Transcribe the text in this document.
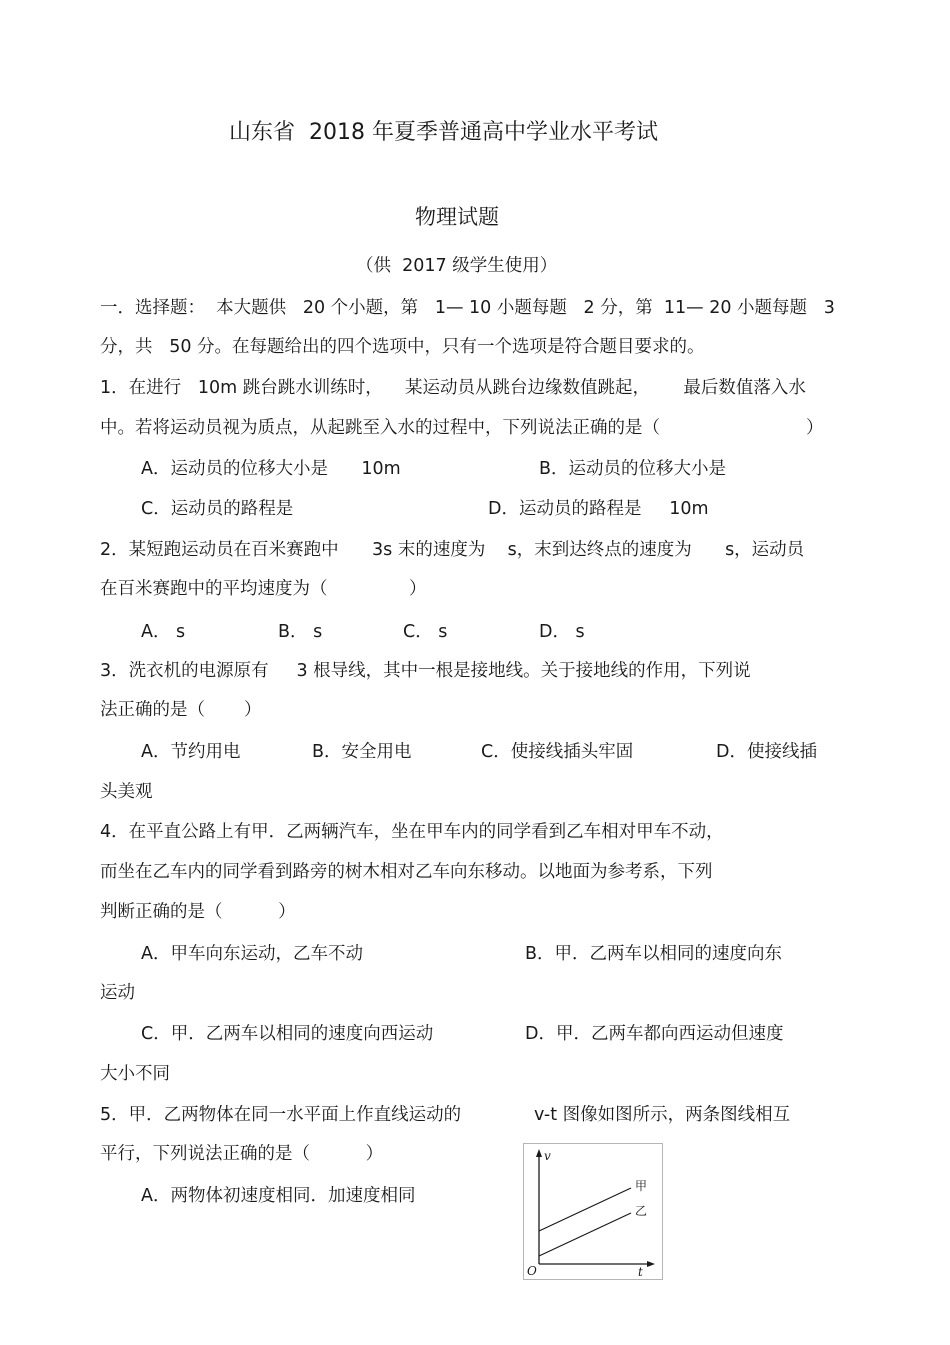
山东省  2018 年夏季普通高中学业水平考试
物理试题
（供  2017 级学生使用）
一．选择题：  本大题供   20 个小题，第   1— 10 小题每题   2 分，第  11— 20 小题每题   3
分，共   50 分。在每题给出的四个选项中，只有一个选项是符合题目要求的。
1．在进行   10m 跳台跳水训练时，    某运动员从跳台边缘数值跳起，      最后数值落入水
中。若将运动员视为质点，从起跳至入水的过程中，下列说法正确的是（	）
A．运动员的位移大小是      10m	B．运动员的位移大小是
C．运动员的路程是	D．运动员的路程是     10m
2．某短跑运动员在百米赛跑中      3s 末的速度为    s，末到达终点的速度为      s，运动员
在百米赛跑中的平均速度为（	）
A． s	B． s	C． s	D． s
3．洗衣机的电源原有     3 根导线，其中一根是接地线。关于接地线的作用，下列说
法正确的是（       ）
A．节约用电	B．安全用电	C．使接线插头牢固	D．使接线插
头美观
4．在平直公路上有甲．乙两辆汽车，坐在甲车内的同学看到乙车相对甲车不动，
而坐在乙车内的同学看到路旁的树木相对乙车向东移动。以地面为参考系，下列
判断正确的是（          ）
A．甲车向东运动，乙车不动	B．甲．乙两车以相同的速度向东
运动
C．甲．乙两车以相同的速度向西运动	D．甲．乙两车都向西运动但速度
大小不同
5．甲．乙两物体在同一水平面上作直线运动的	v-t 图像如图所示，两条图线相互
平行，下列说法正确的是（          ）
A．两物体初速度相同．加速度相同
v
t
O
甲
乙
